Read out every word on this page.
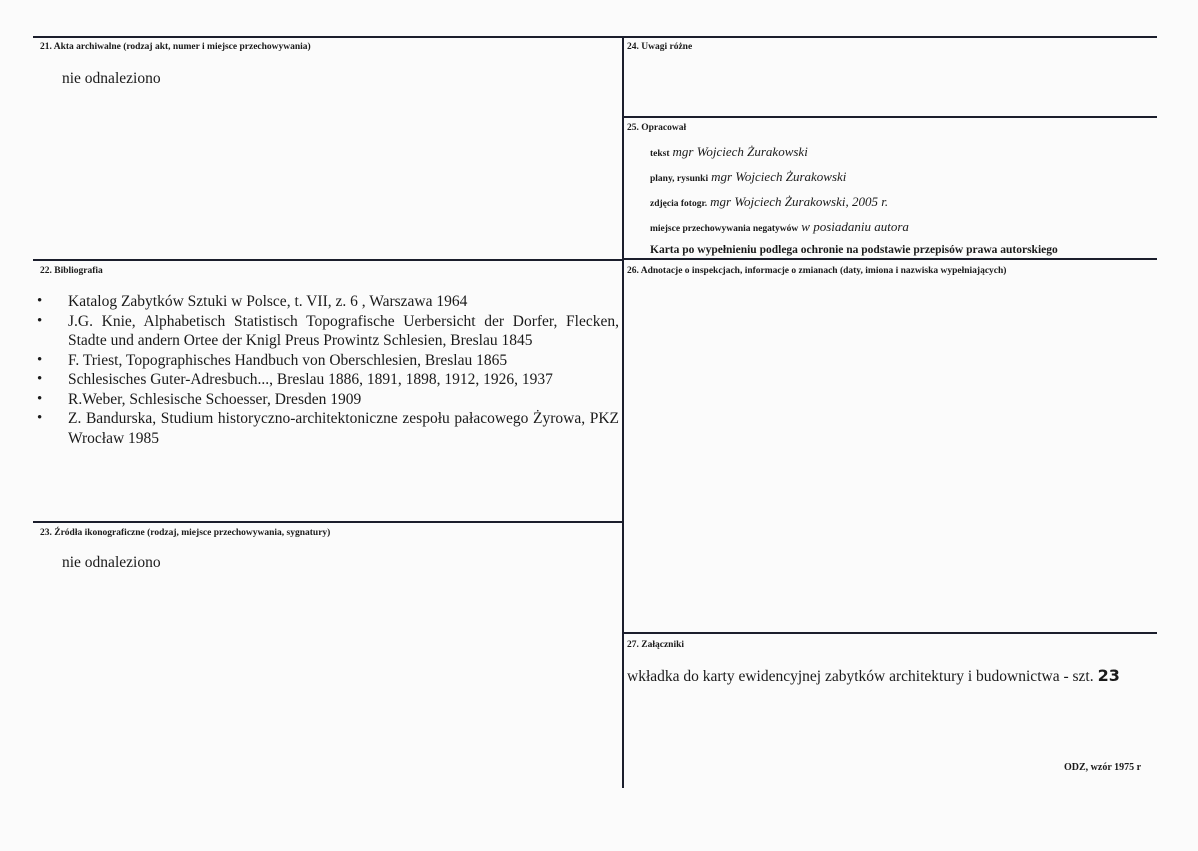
21. Akta archiwalne (rodzaj akt, numer i miejsce przechowywania)
nie odnaleziono
22. Bibliografia
• Katalog Zabytków Sztuki w Polsce, t. VII, z. 6 , Warszawa 1964
• J.G. Knie, Alphabetisch Statistisch Topografische Uerbersicht der Dorfer, Flecken, Stadte und andern Ortee der Knigl Preus Prowintz Schlesien, Breslau 1845
• F. Triest, Topographisches Handbuch von Oberschlesien, Breslau 1865
• Schlesisches Guter-Adresbuch..., Breslau 1886, 1891, 1898, 1912, 1926, 1937
• R.Weber, Schlesische Schoesser, Dresden 1909
• Z. Bandurska, Studium historyczno-architektoniczne zespołu pałacowego Żyrowa, PKZ Wrocław 1985
23. Źródła ikonograficzne (rodzaj, miejsce przechowywania, sygnatury)
nie odnaleziono
24. Uwagi różne
25. Opracował
tekst mgr Wojciech Żurakowski
plany, rysunki mgr Wojciech Żurakowski
zdjęcia fotogr. mgr Wojciech Żurakowski, 2005 r.
miejsce przechowywania negatywów w posiadaniu autora
Karta po wypełnieniu podlega ochronie na podstawie przepisów prawa autorskiego
26. Adnotacje o inspekcjach, informacje o zmianach (daty, imiona i nazwiska wypełniających)
27. Załączniki
wkładka do karty ewidencyjnej zabytków architektury i budownictwa - szt. 23
ODZ, wzór 1975 r
